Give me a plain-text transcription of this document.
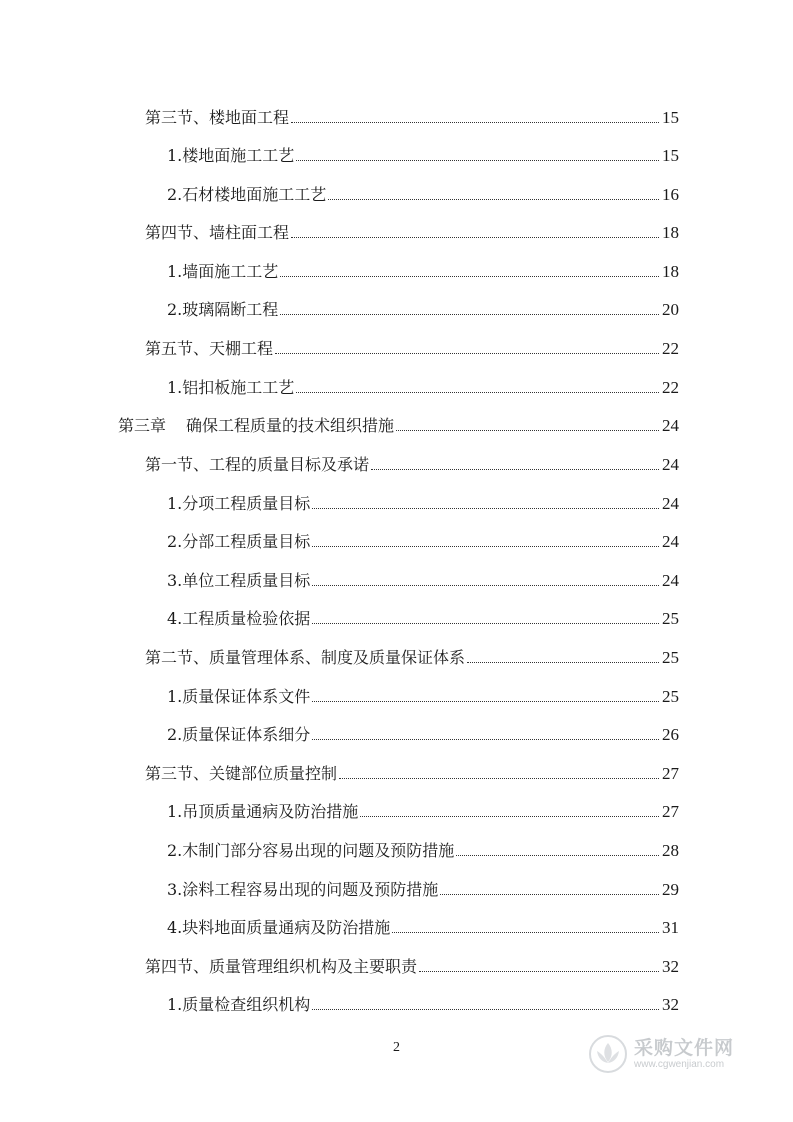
第三节、楼地面工程	15
1.楼地面施工工艺	15
2.石材楼地面施工工艺	16
第四节、墙柱面工程	18
1.墙面施工工艺	18
2.玻璃隔断工程	20
第五节、天棚工程	22
1.铝扣板施工工艺	22
第三章	确保工程质量的技术组织措施	24
第一节、工程的质量目标及承诺	24
1.分项工程质量目标	24
2.分部工程质量目标	24
3.单位工程质量目标	24
4.工程质量检验依据	25
第二节、质量管理体系、制度及质量保证体系	25
1.质量保证体系文件	25
2.质量保证体系细分	26
第三节、关键部位质量控制	27
1.吊顶质量通病及防治措施	27
2.木制门部分容易出现的问题及预防措施	28
3.涂料工程容易出现的问题及预防措施	29
4.块料地面质量通病及防治措施	31
第四节、质量管理组织机构及主要职责	32
1.质量检查组织机构	32
2	采购文件网
www.cgwenjian.com
